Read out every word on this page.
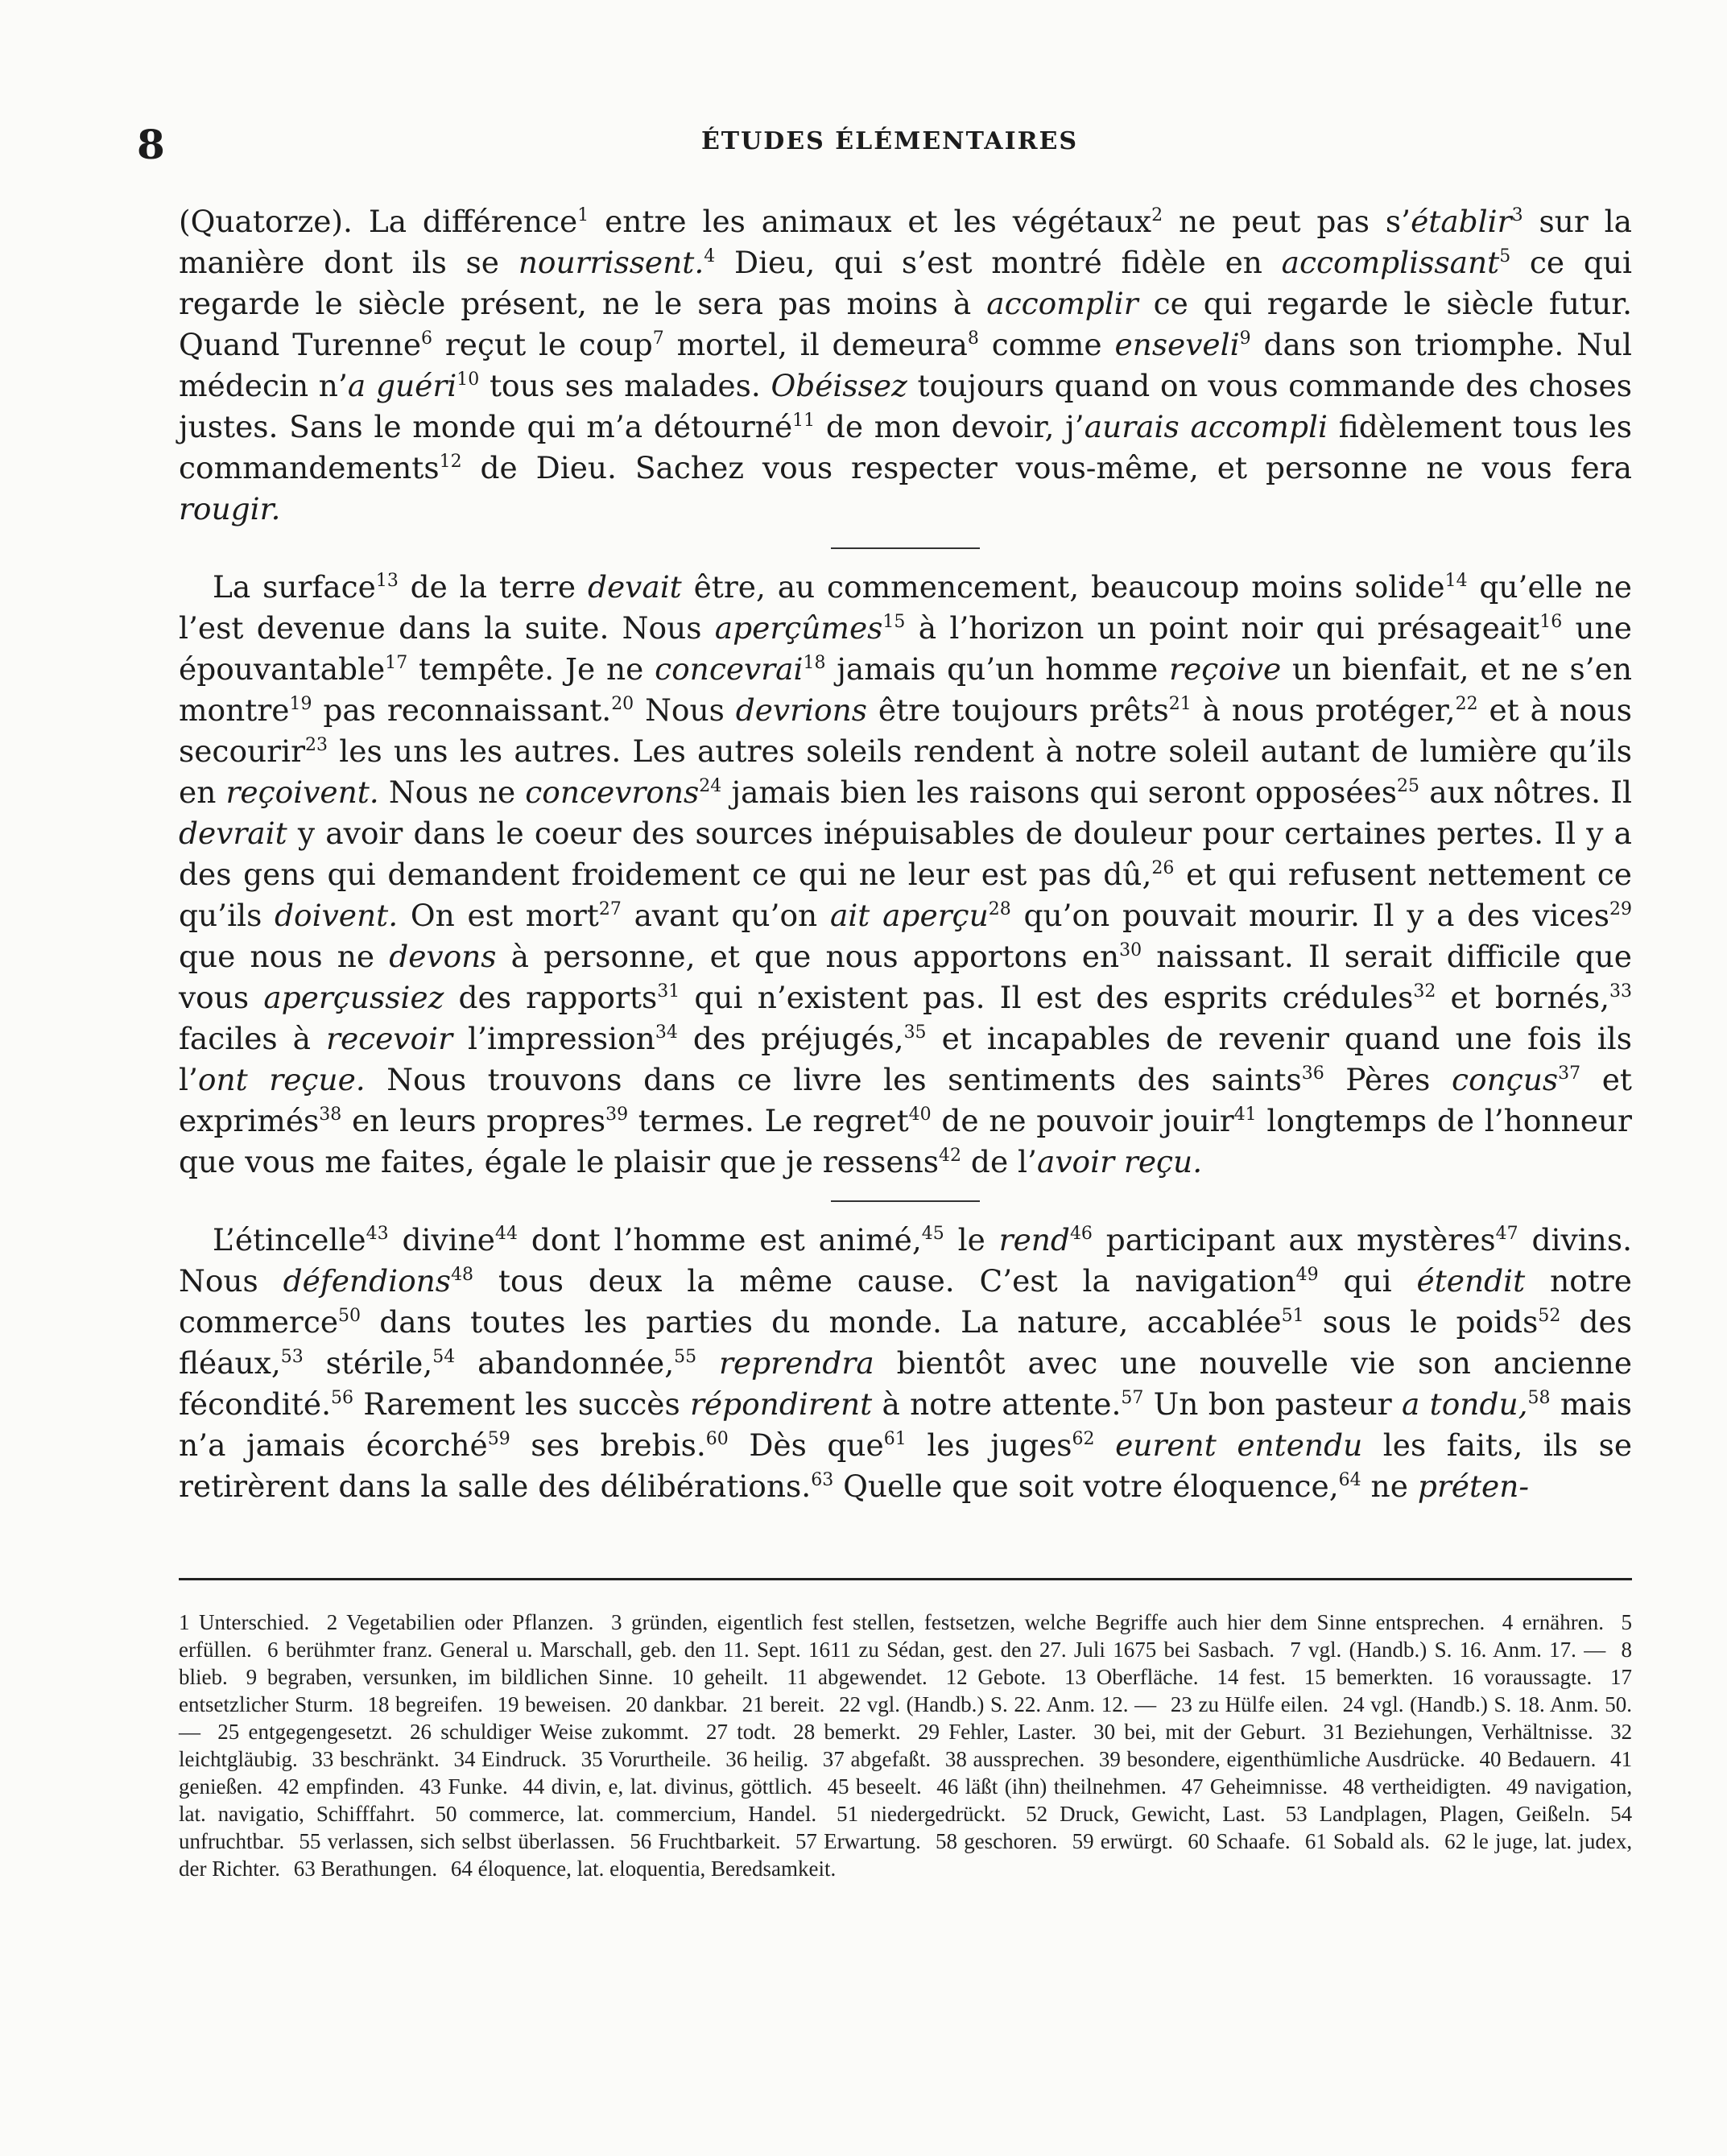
8	ÉTUDES ÉLÉMENTAIRES

(Quatorze). La différence$^1$ entre les animaux et les végétaux$^2$ ne peut pas s’établir$^3$ sur la manière dont ils se nourrissent.$^4$ Dieu, qui s’est montré fidèle en accomplissant$^5$ ce qui regarde le siècle présent, ne le sera pas moins à accomplir ce qui regarde le siècle futur. Quand Turenne$^6$ reçut le coup$^7$ mortel, il demeura$^8$ comme enseveli$^9$ dans son triomphe. Nul médecin n’a guéri$^{10}$ tous ses malades. Obéissez toujours quand on vous commande des choses justes. Sans le monde qui m’a détourné$^{11}$ de mon devoir, j’aurais accompli fidèlement tous les commandements$^{12}$ de Dieu. Sachez vous respecter vous-même, et personne ne vous fera rougir.

La surface$^{13}$ de la terre devait être, au commencement, beaucoup moins solide$^{14}$ qu’elle ne l’est devenue dans la suite. Nous aperçûmes$^{15}$ à l’horizon un point noir qui présageait$^{16}$ une épouvantable$^{17}$ tempête. Je ne concevrai$^{18}$ jamais qu’un homme reçoive un bienfait, et ne s’en montre$^{19}$ pas reconnaissant.$^{20}$ Nous devrions être toujours prêts$^{21}$ à nous protéger,$^{22}$ et à nous secourir$^{23}$ les uns les autres. Les autres soleils rendent à notre soleil autant de lumière qu’ils en reçoivent. Nous ne concevrons$^{24}$ jamais bien les raisons qui seront opposées$^{25}$ aux nôtres. Il devrait y avoir dans le coeur des sources inépuisables de douleur pour certaines pertes. Il y a des gens qui demandent froidement ce qui ne leur est pas dû,$^{26}$ et qui refusent nettement ce qu’ils doivent. On est mort$^{27}$ avant qu’on ait aperçu$^{28}$ qu’on pouvait mourir. Il y a des vices$^{29}$ que nous ne devons à personne, et que nous apportons $en^{30}$ naissant. Il serait difficile que vous aperçussiez des rapports$^{31}$ qui n’existent pas. Il est des esprits crédules$^{32}$ et bornés,$^{33}$ faciles à recevoir l’impression$^{34}$ des préjugés,$^{35}$ et incapables de revenir quand une fois ils l’ont reçue. Nous trouvons dans ce livre les sentiments des saints$^{36}$ Pères conçus$^{37}$ et exprimés$^{38}$ en leurs propres$^{39}$ termes. Le regret$^{40}$ de ne pouvoir jouir$^{41}$ longtemps de l’honneur que vous me faites, égale le plaisir que je ressens$^{42}$ de l’avoir reçu.

L’étincelle$^{43}$ divine$^{44}$ dont l’homme est animé,$^{45}$ le rend$^{46}$ participant aux mystères$^{47}$ divins. Nous défendions$^{48}$ tous deux la même cause. C’est la navigation$^{49}$ qui étendit notre commerce$^{50}$ dans toutes les parties du monde. La nature, accablée$^{51}$ sous le poids$^{52}$ des fléaux,$^{53}$ stérile,$^{54}$ abandonnée,$^{55}$ reprendra bientôt avec une nouvelle vie son ancienne fécondité.$^{56}$ Rarement les succès répondirent à notre attente.$^{57}$ Un bon pasteur a tondu,$^{58}$ mais n’a jamais écorché$^{59}$ ses brebis.$^{60}$ Dès que$^{61}$ les juges$^{62}$ eurent entendu les faits, ils se retirèrent dans la salle des délibérations.$^{63}$ Quelle que soit votre éloquence,$^{64}$ ne préten-

1 Unterschied. 2 Vegetabilien oder Pflanzen. 3 gründen, eigentlich fest stellen, festsetzen, welche Begriffe auch hier dem Sinne entsprechen. 4 ernähren. 5 erfüllen. 6 berühmter franz. General u. Marschall, geb. den 11. Sept. 1611 zu Sédan, gest. den 27. Juli 1675 bei Sasbach. 7 vgl. (Handb.) S. 16. Anm. 17. — 8 blieb. 9 begraben, versunken, im bildlichen Sinne. 10 geheilt. 11 abgewendet. 12 Gebote. 13 Oberfläche. 14 fest. 15 bemerkten. 16 voraussagte. 17 entsetzlicher Sturm. 18 begreifen. 19 beweisen. 20 dankbar. 21 bereit. 22 vgl. (Handb.) S. 22. Anm. 12. — 23 zu Hülfe eilen. 24 vgl. (Handb.) S. 18. Anm. 50. — 25 entgegengesetzt. 26 schuldiger Weise zukommt. 27 todt. 28 bemerkt. 29 Fehler, Laster. 30 bei, mit der Geburt. 31 Beziehungen, Verhältnisse. 32 leichtgläubig. 33 beschränkt. 34 Eindruck. 35 Vorurtheile. 36 heilig. 37 abgefaßt. 38 aussprechen. 39 besondere, eigenthümliche Ausdrücke. 40 Bedauern. 41 genießen. 42 empfinden. 43 Funke. 44 divin, e, lat. divinus, göttlich. 45 beseelt. 46 läßt (ihn) theilnehmen. 47 Geheimnisse. 48 vertheidigten. 49 navigation, lat. navigatio, Schifffahrt. 50 commerce, lat. commercium, Handel. 51 niedergedrückt. 52 Druck, Gewicht, Last. 53 Landplagen, Plagen, Geißeln. 54 unfruchtbar. 55 verlassen, sich selbst überlassen. 56 Fruchtbarkeit. 57 Erwartung. 58 geschoren. 59 erwürgt. 60 Schaafe. 61 Sobald als. 62 le juge, lat. judex, der Richter. 63 Berathungen. 64 éloquence, lat. eloquentia, Beredsamkeit.
